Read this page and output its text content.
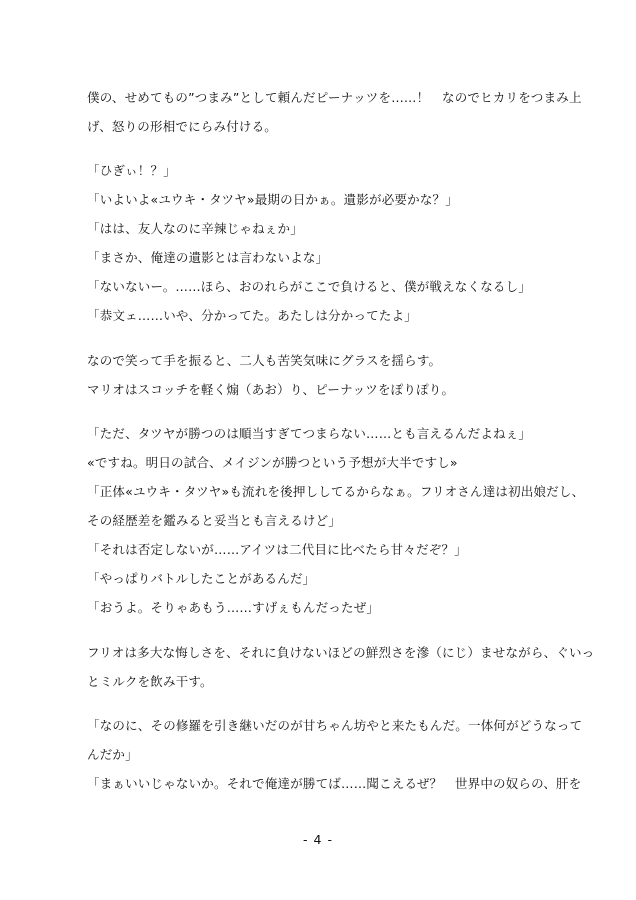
僕の、せめてもの”つまみ”として頼んだピーナッツを……！　なのでヒカリをつまみ上
げ、怒りの形相でにらみ付ける。
「ひぎぃ！？」
「いよいよ«ユウキ・タツヤ»最期の日かぁ。遺影が必要かな？」
「はは、友人なのに辛辣じゃねぇか」
「まさか、俺達の遺影とは言わないよな」
「ないないー。……ほら、おのれらがここで負けると、僕が戦えなくなるし」
「恭文ェ……いや、分かってた。あたしは分かってたよ」
なので笑って手を振ると、二人も苦笑気味にグラスを揺らす。
マリオはスコッチを軽く煽（あお）り、ピーナッツをぽりぽり。
「ただ、タツヤが勝つのは順当すぎてつまらない……とも言えるんだよねぇ」
«ですね。明日の試合、メイジンが勝つという予想が大半ですし»
「正体«ユウキ・タツヤ»も流れを後押ししてるからなぁ。フリオさん達は初出娘だし、
その経歴差を鑑みると妥当とも言えるけど」
「それは否定しないが……アイツは二代目に比べたら甘々だぞ？」
「やっぱりバトルしたことがあるんだ」
「おうよ。そりゃあもう……すげぇもんだったぜ」
フリオは多大な悔しさを、それに負けないほどの鮮烈さを滲（にじ）ませながら、ぐいっ
とミルクを飲み干す。
「なのに、その修羅を引き継いだのが甘ちゃん坊やと来たもんだ。一体何がどうなって
んだか」
「まぁいいじゃないか。それで俺達が勝てば……聞こえるぜ？　世界中の奴らの、肝を
- 4 -
